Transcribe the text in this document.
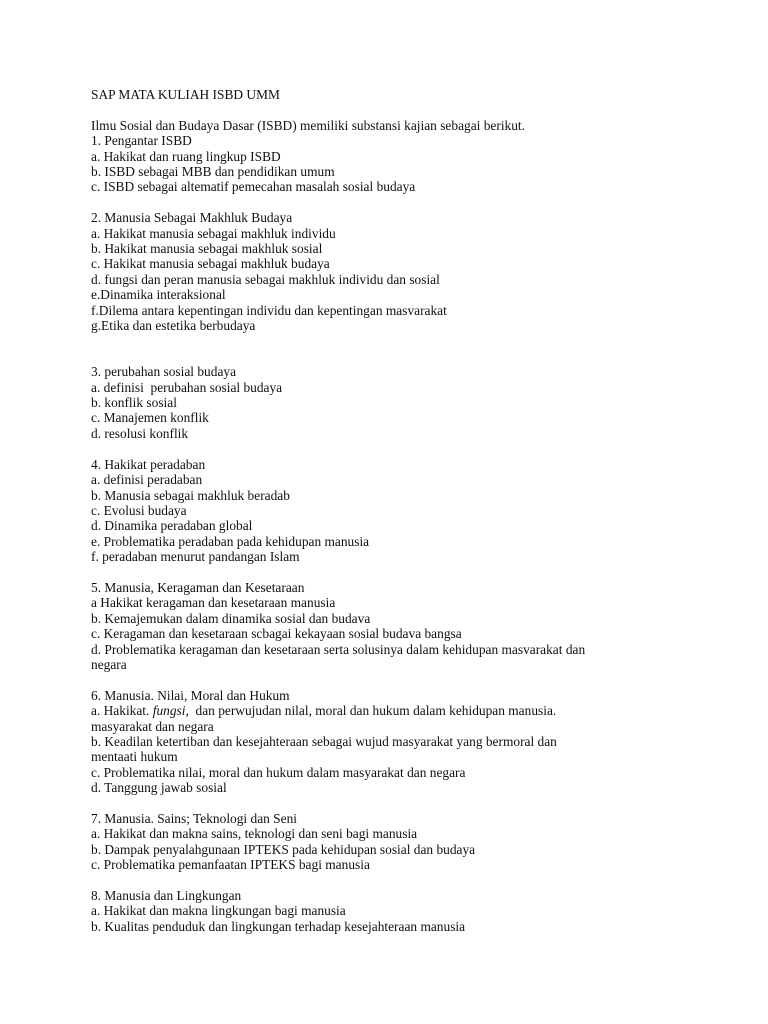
SAP MATA KULIAH ISBD UMM

Ilmu Sosial dan Budaya Dasar (ISBD) memiliki substansi kajian sebagai berikut.

1. Pengantar ISBD

a. Hakikat dan ruang lingkup ISBD

b. ISBD sebagai MBB dan pendidikan umum

c. ISBD sebagai altematif pemecahan masalah sosial budaya

2. Manusia Sebagai Makhluk Budaya

a. Hakikat manusia sebagai makhluk individu

b. Hakikat manusia sebagai makhluk sosial

c. Hakikat manusia sebagai makhluk budaya

d. fungsi dan peran manusia sebagai makhluk individu dan sosial

e.Dinamika interaksional

f.Dilema antara kepentingan individu dan kepentingan masvarakat

g.Etika dan estetika berbudaya

3. perubahan sosial budaya

a. definisi  perubahan sosial budaya

b. konflik sosial

c. Manajemen konflik

d. resolusi konflik

4. Hakikat peradaban

a. definisi peradaban

b. Manusia sebagai makhluk beradab

c. Evolusi budaya

d. Dinamika peradaban global

e. Problematika peradaban pada kehidupan manusia

f. peradaban menurut pandangan Islam

5. Manusia, Keragaman dan Kesetaraan

a Hakikat keragaman dan kesetaraan manusia

b. Kemajemukan dalam dinamika sosial dan budava

c. Keragaman dan kesetaraan scbagai kekayaan sosial budava bangsa

d. Problematika keragaman dan kesetaraan serta solusinya dalam kehidupan masvarakat dan

negara

6. Manusia. Nilai, Moral dan Hukum

a. Hakikat. fungsi,  dan perwujudan nilal, moral dan hukum dalam kehidupan manusia.

masyarakat dan negara

b. Keadilan ketertiban dan kesejahteraan sebagai wujud masyarakat yang bermoral dan

mentaati hukum

c. Problematika nilai, moral dan hukum dalam masyarakat dan negara

d. Tanggung jawab sosial

7. Manusia. Sains; Teknologi dan Seni

a. Hakikat dan makna sains, teknologi dan seni bagi manusia

b. Dampak penyalahgunaan IPTEKS pada kehidupan sosial dan budaya

c. Problematika pemanfaatan IPTEKS bagi manusia

8. Manusia dan Lingkungan

a. Hakikat dan makna lingkungan bagi manusia

b. Kualitas penduduk dan lingkungan terhadap kesejahteraan manusia
